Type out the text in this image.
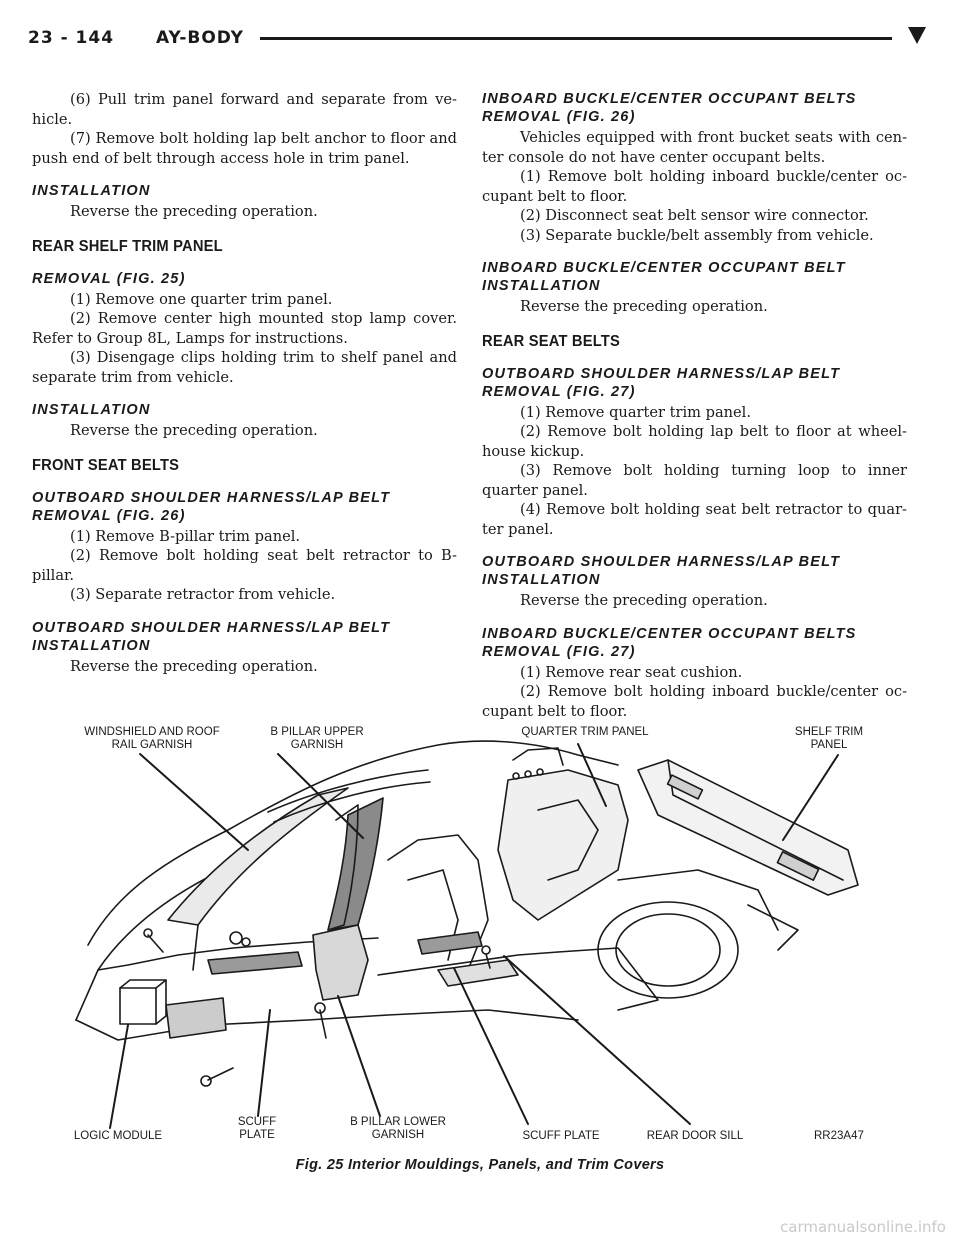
23 - 144 AY-BODY

(6) Pull trim panel forward and separate from ve-hicle.

(7) Remove bolt holding lap belt anchor to floor and push end of belt through access hole in trim panel.

INSTALLATION

Reverse the preceding operation.

REAR SHELF TRIM PANEL
REMOVAL (FIG. 25)

(1) Remove one quarter trim panel.

(2) Remove center high mounted stop lamp cover. Refer to Group 8L, Lamps for instructions.

(3) Disengage clips holding trim to shelf panel and separate trim from vehicle.

INSTALLATION

Reverse the preceding operation.

FRONT SEAT BELTS
OUTBOARD SHOULDER HARNESS/LAP BELT REMOVAL (FIG. 26)

(1) Remove B-pillar trim panel.

(2) Remove bolt holding seat belt retractor to B-pillar.

(3) Separate retractor from vehicle.

OUTBOARD SHOULDER HARNESS/LAP BELT INSTALLATION

Reverse the preceding operation.

INBOARD BUCKLE/CENTER OCCUPANT BELTS REMOVAL (FIG. 26)

Vehicles equipped with front bucket seats with cen-ter console do not have center occupant belts.

(1) Remove bolt holding inboard buckle/center oc-cupant belt to floor.

(2) Disconnect seat belt sensor wire connector.

(3) Separate buckle/belt assembly from vehicle.

INBOARD BUCKLE/CENTER OCCUPANT BELT INSTALLATION

Reverse the preceding operation.

REAR SEAT BELTS
OUTBOARD SHOULDER HARNESS/LAP BELT REMOVAL (FIG. 27)

(1) Remove quarter trim panel.

(2) Remove bolt holding lap belt to floor at wheel-house kickup.

(3) Remove bolt holding turning loop to inner quarter panel.

(4) Remove bolt holding seat belt retractor to quar-ter panel.

OUTBOARD SHOULDER HARNESS/LAP BELT INSTALLATION

Reverse the preceding operation.

INBOARD BUCKLE/CENTER OCCUPANT BELTS REMOVAL (FIG. 27)

(1) Remove rear seat cushion.

(2) Remove bolt holding inboard buckle/center oc-cupant belt to floor.

WINDSHIELD AND ROOF
RAIL GARNISH
B PILLAR UPPER
GARNISH
QUARTER TRIM PANEL	SHELF TRIM
PANEL
LOGIC MODULE
SCUFF
PLATE
B PILLAR LOWER
GARNISH	SCUFF PLATE	REAR DOOR SILL	RR23A47
Fig. 25 Interior Mouldings, Panels, and Trim Covers
carmanualsonline.info
